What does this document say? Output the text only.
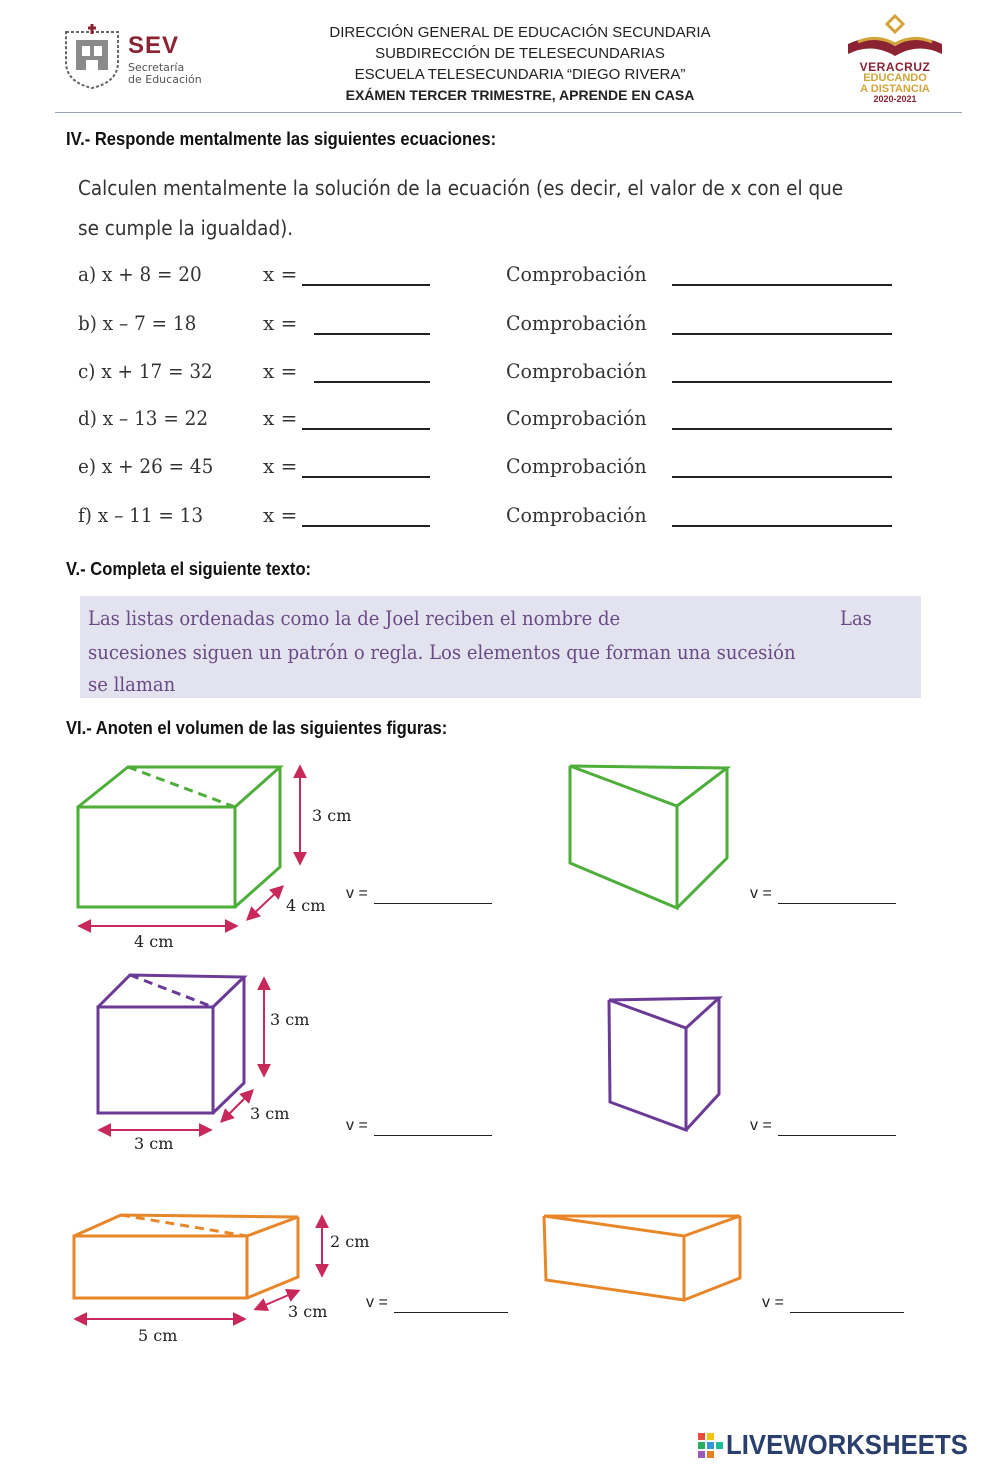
SEV
Secretaría
de Educación
DIRECCIÓN GENERAL DE EDUCACIÓN SECUNDARIA
SUBDIRECCIÓN DE TELESECUNDARIAS
ESCUELA TELESECUNDARIA “DIEGO RIVERA”
EXÁMEN TERCER TRIMESTRE, APRENDE EN CASA
VERACRUZ
EDUCANDO
A DISTANCIA
2020-2021
IV.- Responde mentalmente las siguientes ecuaciones:
Calculen mentalmente la solución de la ecuación (es decir, el valor de x con el que
se cumple la igualdad).
a) x + 8 = 20	x =	Comprobación
b) x – 7 = 18	x =	Comprobación
c) x + 17 = 32	x =	Comprobación
d) x – 13 = 22	x =	Comprobación
e) x + 26 = 45 x =	Comprobación
f) x – 11 = 13	x =	Comprobación
V.- Completa el siguiente texto:
Las listas ordenadas como la de Joel reciben el nombre de	Las
sucesiones siguen un patrón o regla. Los elementos que forman una sucesión
se llaman
VI.- Anoten el volumen de las siguientes figuras:
3 cm
4 cm
4 cm
v =	v =
3 cm
3 cm
3 cm
v =	v =
2 cm
3 cm
5 cm
v =	v =
LIVEWORKSHEETS
